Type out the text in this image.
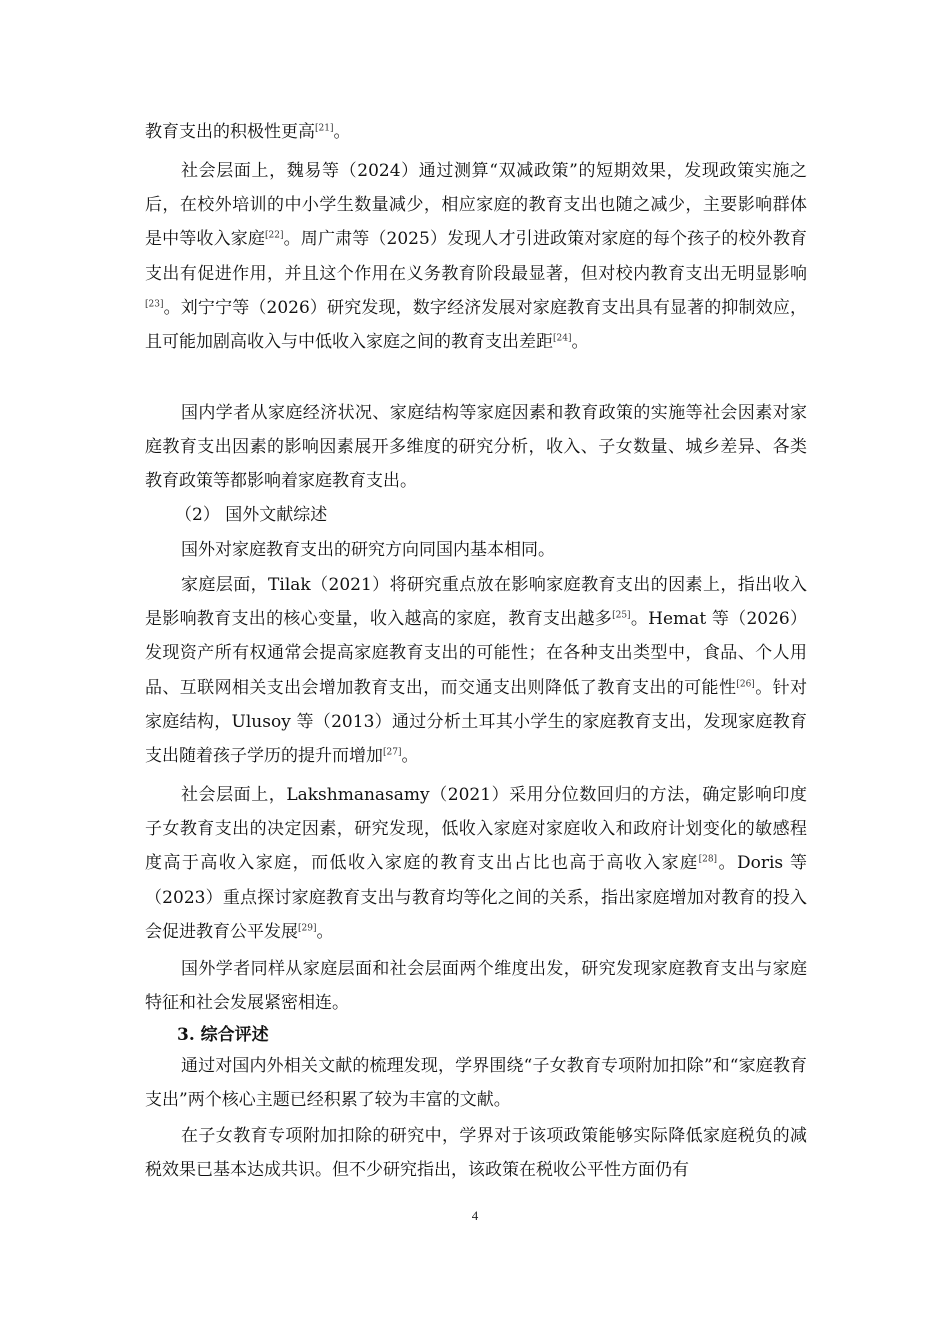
教育支出的积极性更高[21]。

社会层面上，魏易等（2024）通过测算“双减政策”的短期效果，发现政策实施之后，在校外培训的中小学生数量减少，相应家庭的教育支出也随之减少，主要影响群体是中等收入家庭[22]。周广肃等（2025）发现人才引进政策对家庭的每个孩子的校外教育支出有促进作用，并且这个作用在义务教育阶段最显著，但对校内教育支出无明显影响[23]。刘宁宁等（2026）研究发现，数字经济发展对家庭教育支出具有显著的抑制效应，且可能加剧高收入与中低收入家庭之间的教育支出差距[24]。

国内学者从家庭经济状况、家庭结构等家庭因素和教育政策的实施等社会因素对家庭教育支出因素的影响因素展开多维度的研究分析，收入、子女数量、城乡差异、各类教育政策等都影响着家庭教育支出。

（2） 国外文献综述

国外对家庭教育支出的研究方向同国内基本相同。

家庭层面，Tilak（2021）将研究重点放在影响家庭教育支出的因素上，指出收入是影响教育支出的核心变量，收入越高的家庭，教育支出越多[25]。Hemat 等（2026）发现资产所有权通常会提高家庭教育支出的可能性；在各种支出类型中，食品、个人用品、互联网相关支出会增加教育支出，而交通支出则降低了教育支出的可能性[26]。针对家庭结构，Ulusoy 等（2013）通过分析土耳其小学生的家庭教育支出，发现家庭教育支出随着孩子学历的提升而增加[27]。

社会层面上，Lakshmanasamy（2021）采用分位数回归的方法，确定影响印度子女教育支出的决定因素，研究发现，低收入家庭对家庭收入和政府计划变化的敏感程度高于高收入家庭，而低收入家庭的教育支出占比也高于高收入家庭[28]。Doris 等（2023）重点探讨家庭教育支出与教育均等化之间的关系，指出家庭增加对教育的投入会促进教育公平发展[29]。

国外学者同样从家庭层面和社会层面两个维度出发，研究发现家庭教育支出与家庭特征和社会发展紧密相连。

3. 综合评述

通过对国内外相关文献的梳理发现，学界围绕“子女教育专项附加扣除”和“家庭教育支出”两个核心主题已经积累了较为丰富的文献。

在子女教育专项附加扣除的研究中，学界对于该项政策能够实际降低家庭税负的减税效果已基本达成共识。但不少研究指出，该政策在税收公平性方面仍有

4
